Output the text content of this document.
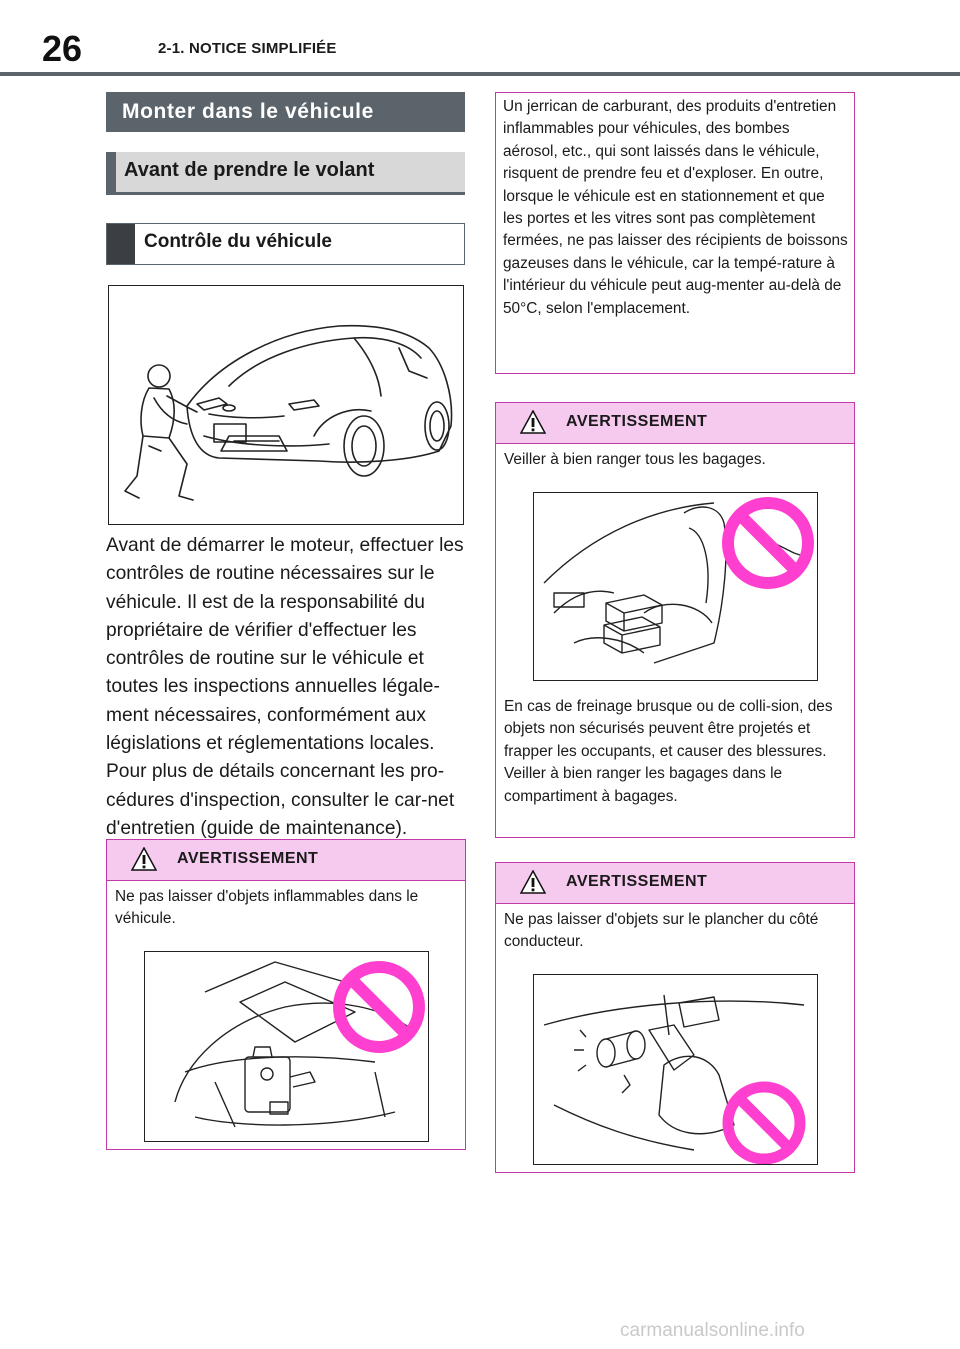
26	2-1. NOTICE SIMPLIFIÉE
Monter dans le véhicule
Avant de prendre le volant
Contrôle du véhicule

Avant de démarrer le moteur, effectuer les contrôles de routine nécessaires sur le véhicule. Il est de la responsabilité du propriétaire de vérifier d'effectuer les contrôles de routine sur le véhicule et toutes les inspections annuelles légale-ment nécessaires, conformément aux législations et réglementations locales. Pour plus de détails concernant les pro-cédures d'inspection, consulter le car-net d'entretien (guide de maintenance).

AVERTISSEMENT

Ne pas laisser d'objets inflammables dans le véhicule.

Un jerrican de carburant, des produits d'entretien inflammables pour véhicules, des bombes aérosol, etc., qui sont laissés dans le véhicule, risquent de prendre feu et d'exploser. En outre, lorsque le véhicule est en stationnement et que les portes et les vitres sont pas complètement fermées, ne pas laisser des récipients de boissons gazeuses dans le véhicule, car la tempé-rature à l'intérieur du véhicule peut aug-menter au-delà de 50°C, selon l'emplacement.

AVERTISSEMENT

Veiller à bien ranger tous les bagages.

En cas de freinage brusque ou de colli-sion, des objets non sécurisés peuvent être projetés et frapper les occupants, et causer des blessures. Veiller à bien ranger les bagages dans le compartiment à bagages.

AVERTISSEMENT

Ne pas laisser d'objets sur le plancher du côté conducteur.

carmanualsonline.info
